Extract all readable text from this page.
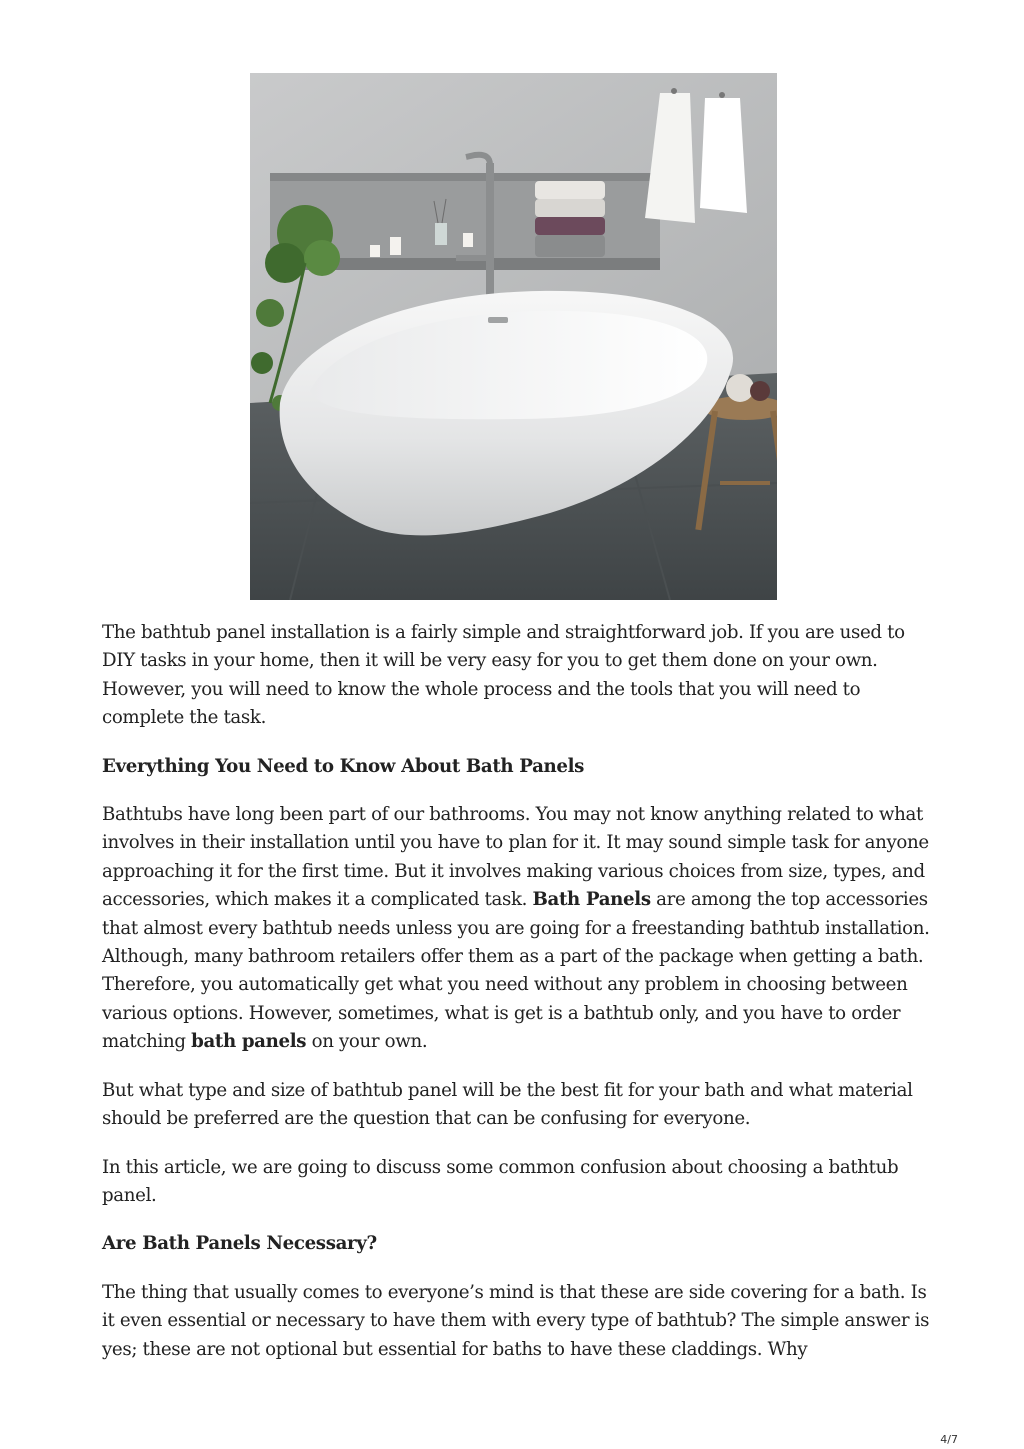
The bathtub panel installation is a fairly simple and straightforward job. If you are used to DIY tasks in your home, then it will be very easy for you to get them done on your own. However, you will need to know the whole process and the tools that you will need to complete the task.

Everything You Need to Know About Bath Panels

Bathtubs have long been part of our bathrooms. You may not know anything related to what involves in their installation until you have to plan for it. It may sound simple task for anyone approaching it for the first time. But it involves making various choices from size, types, and accessories, which makes it a complicated task. Bath Panels are among the top accessories that almost every bathtub needs unless you are going for a freestanding bathtub installation. Although, many bathroom retailers offer them as a part of the package when getting a bath. Therefore, you automatically get what you need without any problem in choosing between various options. However, sometimes, what is get is a bathtub only, and you have to order matching bath panels on your own.

But what type and size of bathtub panel will be the best fit for your bath and what material should be preferred are the question that can be confusing for everyone.

In this article, we are going to discuss some common confusion about choosing a bathtub panel.

Are Bath Panels Necessary?

The thing that usually comes to everyone’s mind is that these are side covering for a bath. Is it even essential or necessary to have them with every type of bathtub? The simple answer is yes; these are not optional but essential for baths to have these claddings. Why

4/7
